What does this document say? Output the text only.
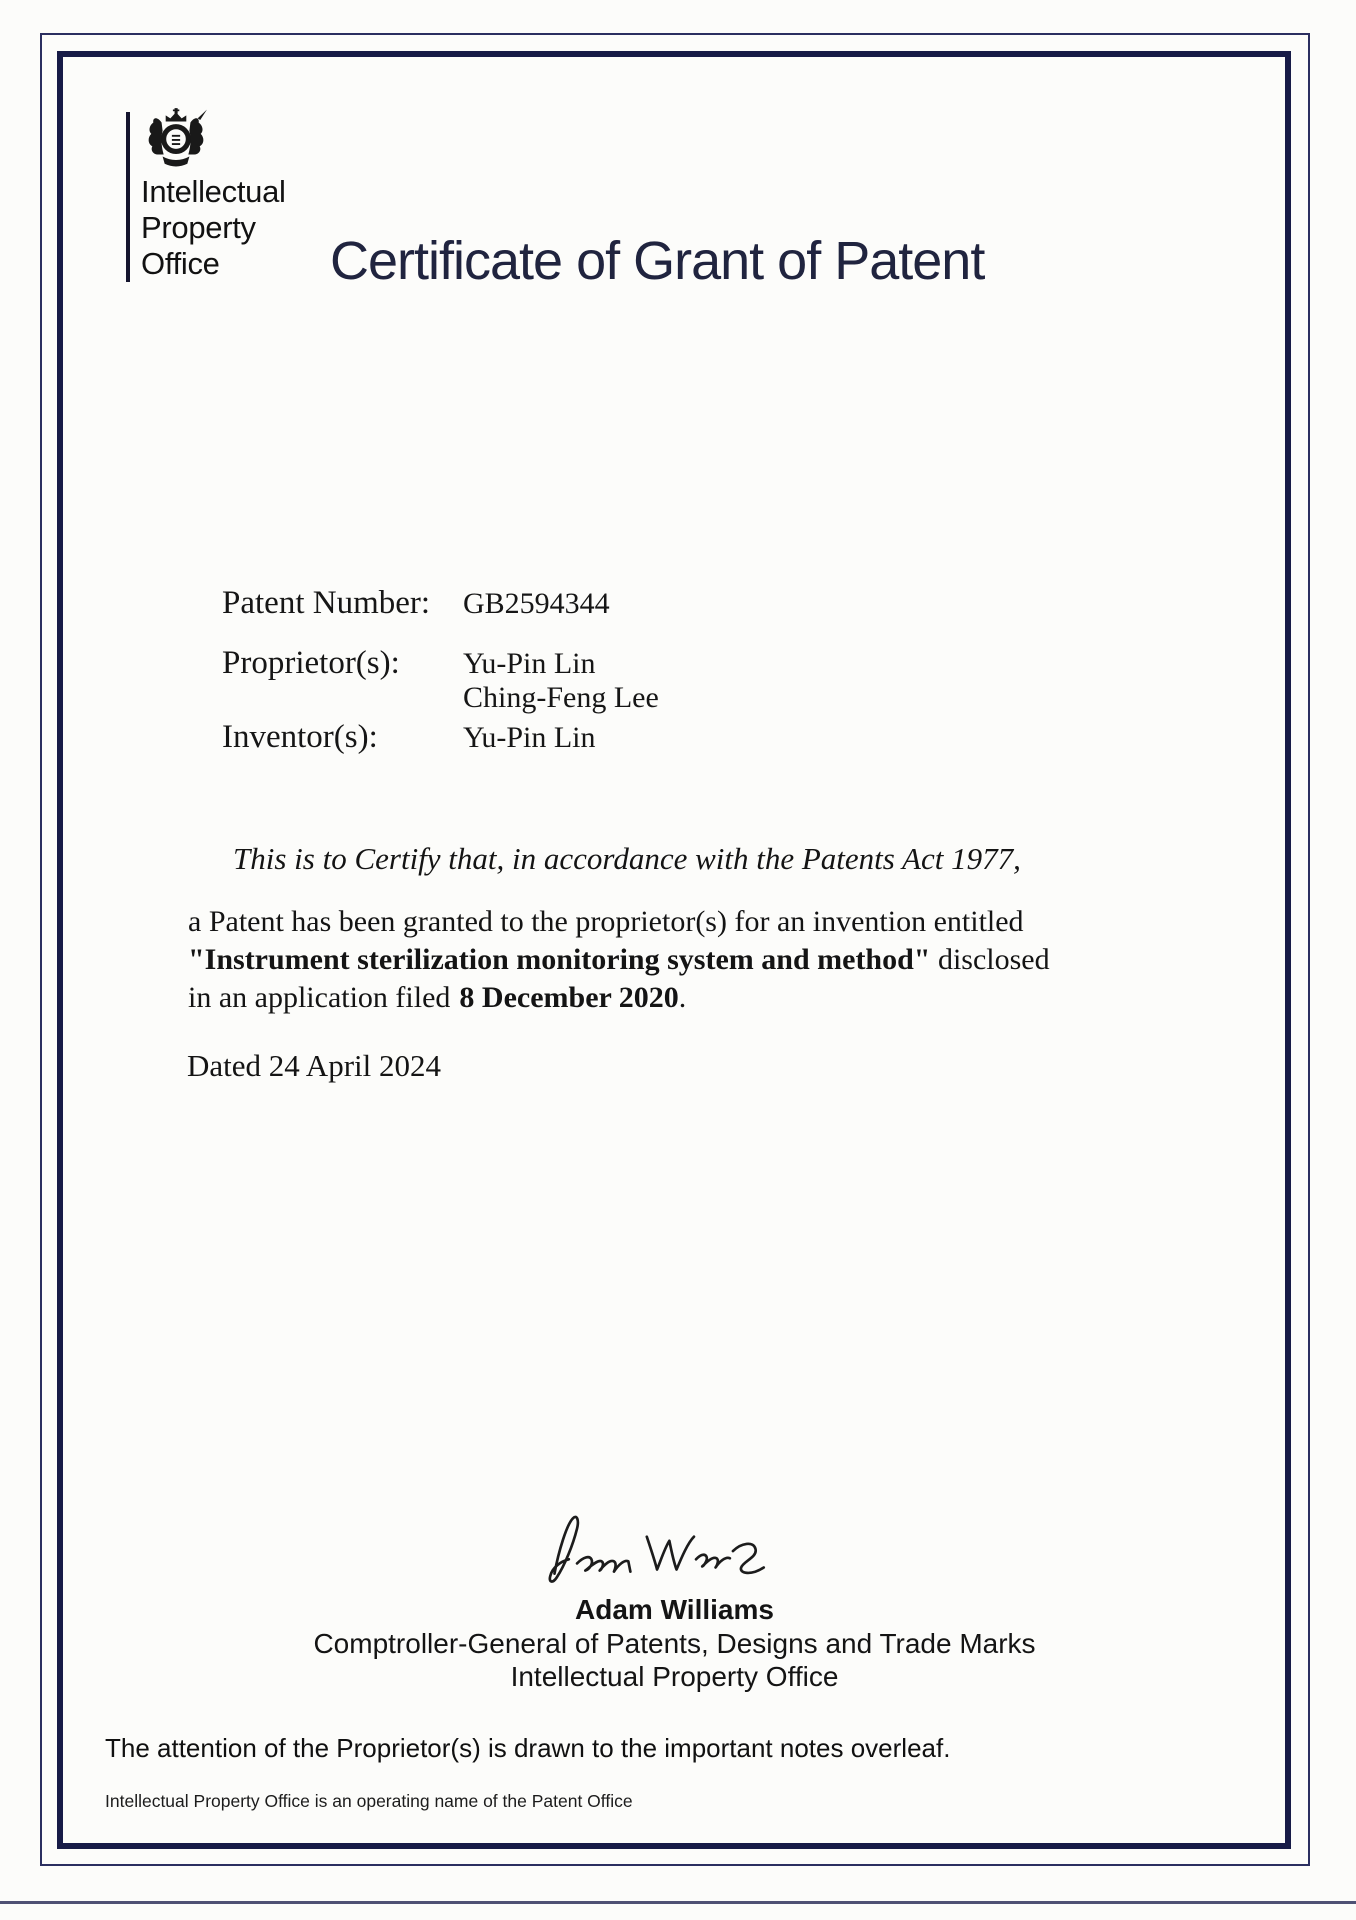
Intellectual
Property
Office	Certificate of Grant of Patent
Patent Number:	GB2594344
Proprietor(s):	Yu-Pin Lin
Ching-Feng Lee
Inventor(s):	Yu-Pin Lin
This is to Certify that, in accordance with the Patents Act 1977,
a Patent has been granted to the proprietor(s) for an invention entitled
"Instrument sterilization monitoring system and method" disclosed
in an application filed 8 December 2020.
Dated 24 April 2024
Adam Williams
Comptroller-General of Patents, Designs and Trade Marks
Intellectual Property Office
The attention of the Proprietor(s) is drawn to the important notes overleaf.
Intellectual Property Office is an operating name of the Patent Office
